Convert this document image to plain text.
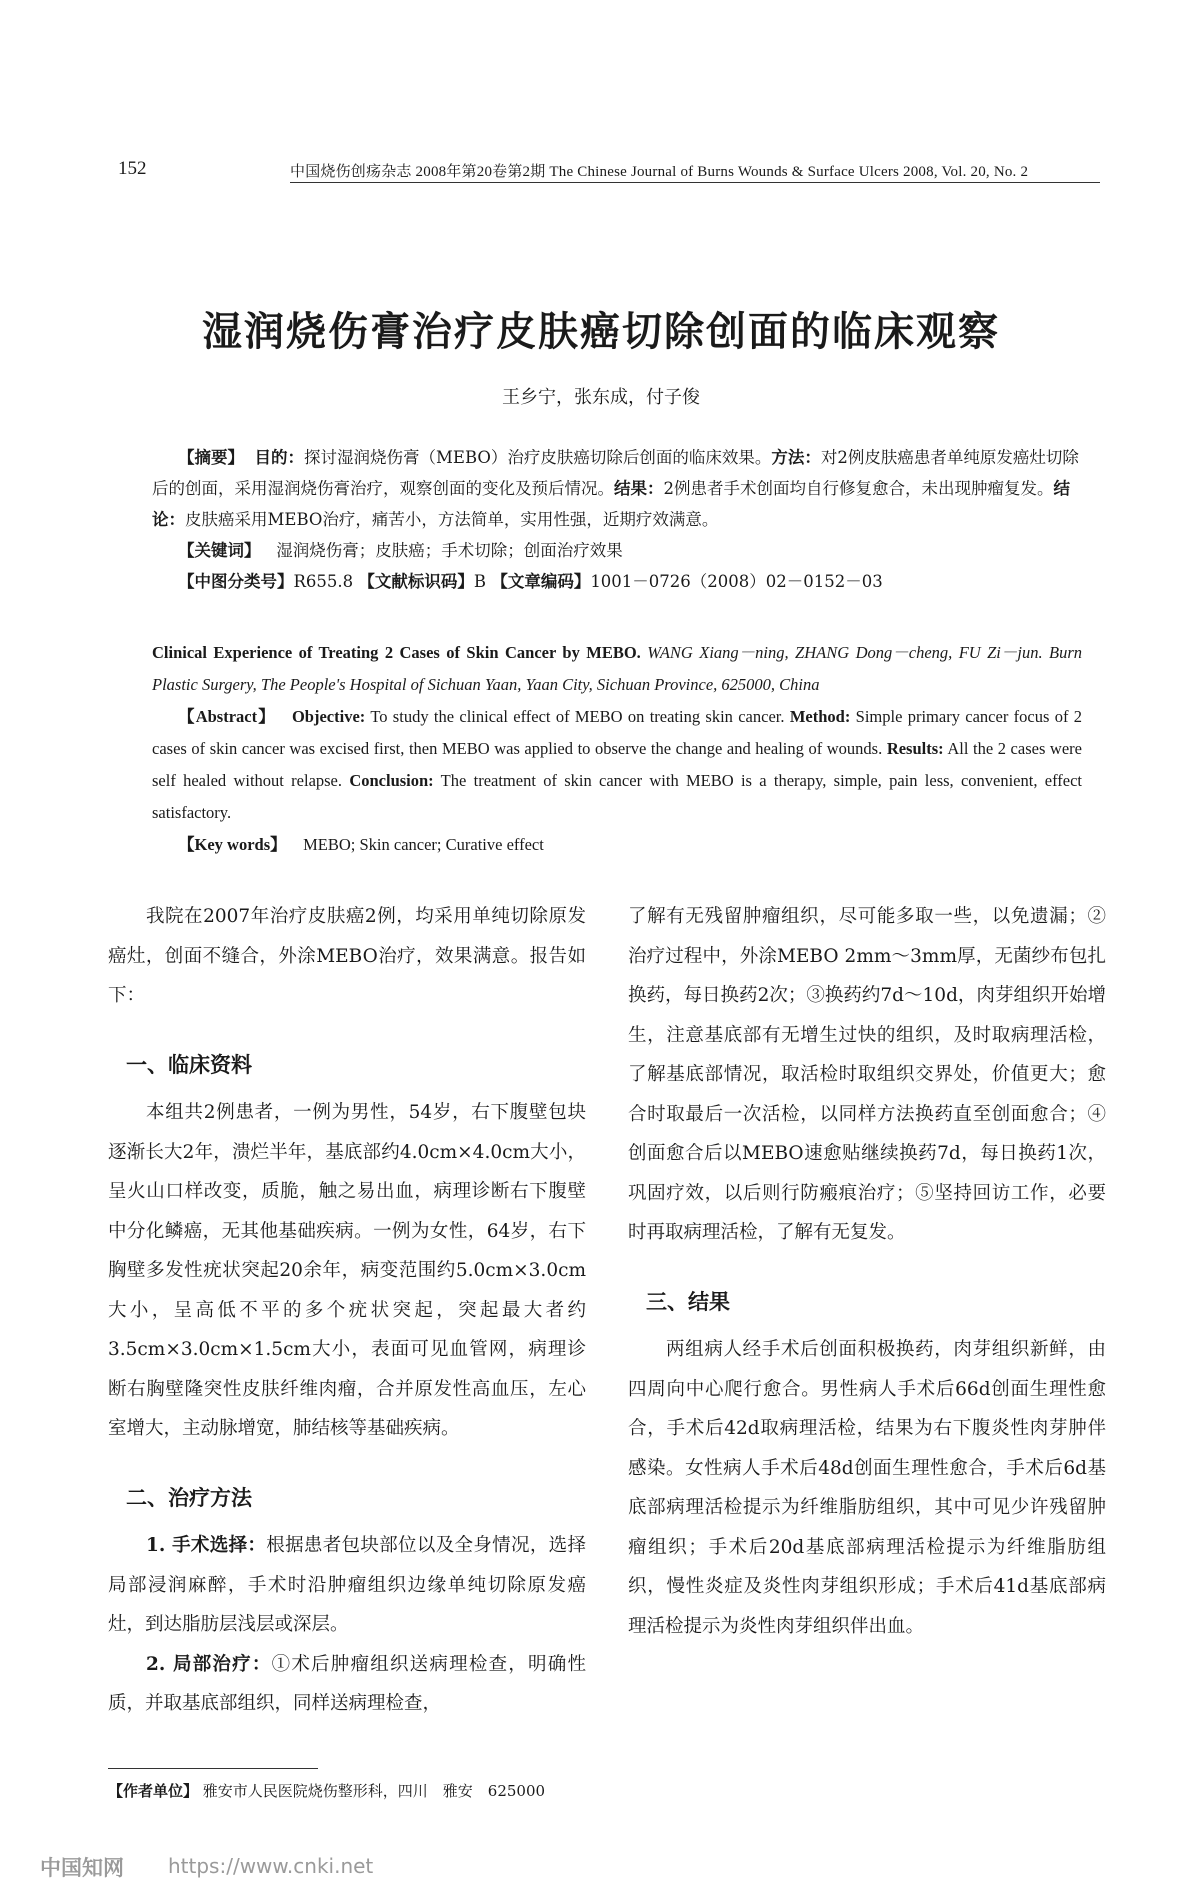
152	中国烧伤创疡杂志 2008年第20卷第2期 The Chinese Journal of Burns Wounds & Surface Ulcers 2008, Vol. 20, No. 2
湿润烧伤膏治疗皮肤癌切除创面的临床观察
王乡宁，张东成，付子俊

【摘要】 目的：探讨湿润烧伤膏（MEBO）治疗皮肤癌切除后创面的临床效果。方法：对2例皮肤癌患者单纯原发癌灶切除后的创面，采用湿润烧伤膏治疗，观察创面的变化及预后情况。结果：2例患者手术创面均自行修复愈合，未出现肿瘤复发。结论：皮肤癌采用MEBO治疗，痛苦小，方法简单，实用性强，近期疗效满意。

【关键词】 湿润烧伤膏；皮肤癌；手术切除；创面治疗效果

【中图分类号】R655.8 【文献标识码】B 【文章编码】1001－0726（2008）02－0152－03

Clinical Experience of Treating 2 Cases of Skin Cancer by MEBO. WANG Xiang－ning, ZHANG Dong－cheng, FU Zi－jun. Burn Plastic Surgery, The People's Hospital of Sichuan Yaan, Yaan City, Sichuan Province, 625000, China

【Abstract】 Objective: To study the clinical effect of MEBO on treating skin cancer. Method: Simple primary cancer focus of 2 cases of skin cancer was excised first, then MEBO was applied to observe the change and healing of wounds. Results: All the 2 cases were self healed without relapse. Conclusion: The treatment of skin cancer with MEBO is a therapy, simple, pain less, convenient, effect satisfactory.

【Key words】 MEBO; Skin cancer; Curative effect

我院在2007年治疗皮肤癌2例，均采用单纯切除原发癌灶，创面不缝合，外涂MEBO治疗，效果满意。报告如下：

一、临床资料

本组共2例患者，一例为男性，54岁，右下腹壁包块逐渐长大2年，溃烂半年，基底部约4.0cm×4.0cm大小，呈火山口样改变，质脆，触之易出血，病理诊断右下腹壁中分化鳞癌，无其他基础疾病。一例为女性，64岁，右下胸壁多发性疣状突起20余年，病变范围约5.0cm×3.0cm大小，呈高低不平的多个疣状突起，突起最大者约3.5cm×3.0cm×1.5cm大小，表面可见血管网，病理诊断右胸壁隆突性皮肤纤维肉瘤，合并原发性高血压，左心室增大，主动脉增宽，肺结核等基础疾病。

二、治疗方法

1. 手术选择：根据患者包块部位以及全身情况，选择局部浸润麻醉，手术时沿肿瘤组织边缘单纯切除原发癌灶，到达脂肪层浅层或深层。

2. 局部治疗：①术后肿瘤组织送病理检查，明确性质，并取基底部组织，同样送病理检查，

了解有无残留肿瘤组织，尽可能多取一些，以免遗漏；②治疗过程中，外涂MEBO 2mm～3mm厚，无菌纱布包扎换药，每日换药2次；③换药约7d～10d，肉芽组织开始增生，注意基底部有无增生过快的组织，及时取病理活检，了解基底部情况，取活检时取组织交界处，价值更大；愈合时取最后一次活检，以同样方法换药直至创面愈合；④创面愈合后以MEBO速愈贴继续换药7d，每日换药1次，巩固疗效，以后则行防瘢痕治疗；⑤坚持回访工作，必要时再取病理活检，了解有无复发。

三、结果

两组病人经手术后创面积极换药，肉芽组织新鲜，由四周向中心爬行愈合。男性病人手术后66d创面生理性愈合，手术后42d取病理活检，结果为右下腹炎性肉芽肿伴感染。女性病人手术后48d创面生理性愈合，手术后6d基底部病理活检提示为纤维脂肪组织，其中可见少许残留肿瘤组织；手术后20d基底部病理活检提示为纤维脂肪组织，慢性炎症及炎性肉芽组织形成；手术后41d基底部病理活检提示为炎性肉芽组织伴出血。

【作者单位】 雅安市人民医院烧伤整形科，四川　雅安　625000
中国知网 https://www.cnki.net
